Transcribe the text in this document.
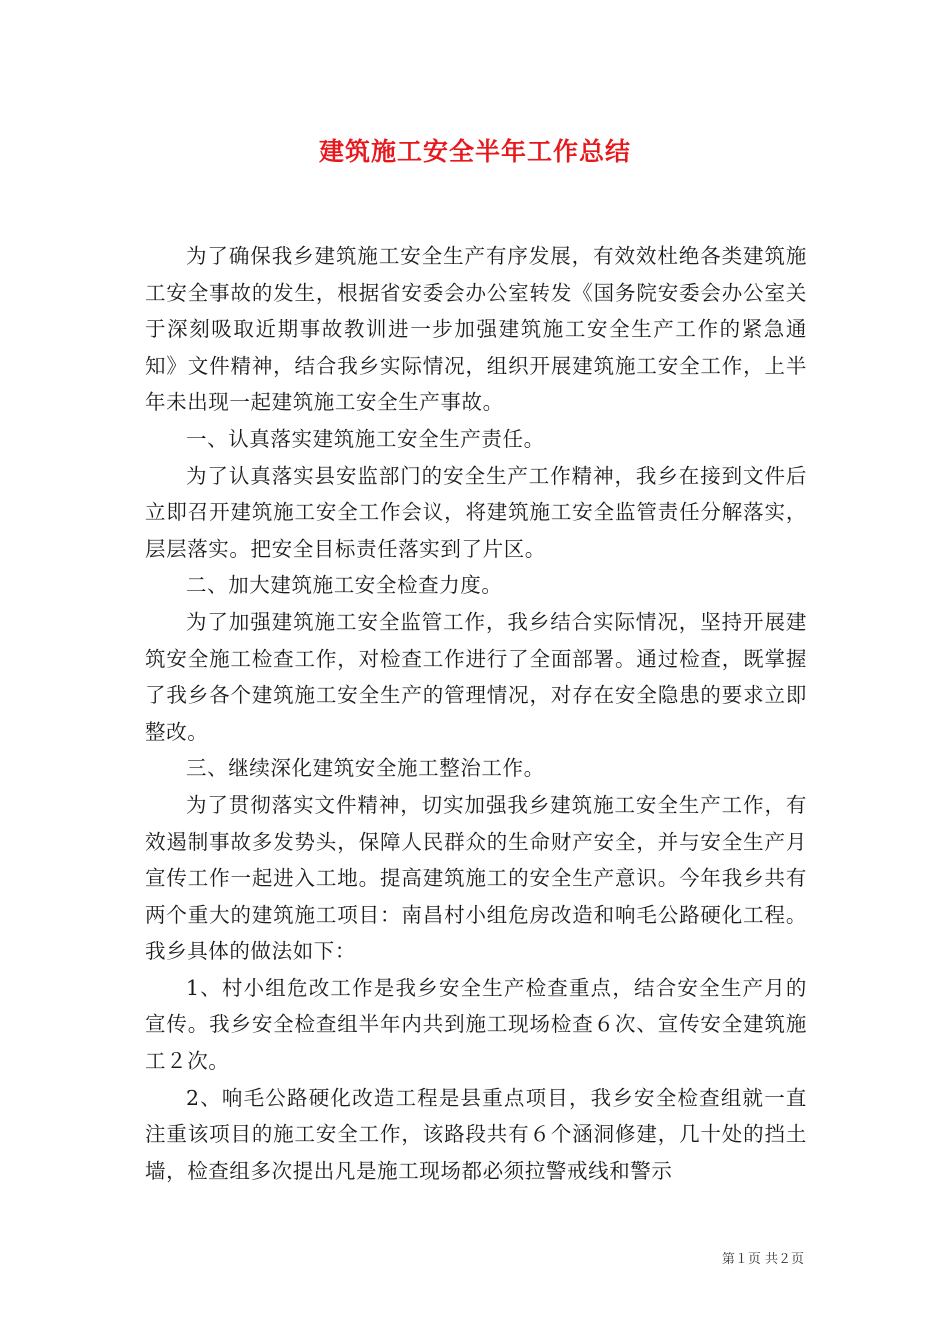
建筑施工安全半年工作总结

为了确保我乡建筑施工安全生产有序发展，有效效杜绝各类建筑施工安全事故的发生，根据省安委会办公室转发《国务院安委会办公室关于深刻吸取近期事故教训进一步加强建筑施工安全生产工作的紧急通知》文件精神，结合我乡实际情况，组织开展建筑施工安全工作，上半年未出现一起建筑施工安全生产事故。

一、认真落实建筑施工安全生产责任。

为了认真落实县安监部门的安全生产工作精神，我乡在接到文件后立即召开建筑施工安全工作会议，将建筑施工安全监管责任分解落实，层层落实。把安全目标责任落实到了片区。

二、加大建筑施工安全检查力度。

为了加强建筑施工安全监管工作，我乡结合实际情况，坚持开展建筑安全施工检查工作，对检查工作进行了全面部署。通过检查，既掌握了我乡各个建筑施工安全生产的管理情况，对存在安全隐患的要求立即整改。

三、继续深化建筑安全施工整治工作。

为了贯彻落实文件精神，切实加强我乡建筑施工安全生产工作，有效遏制事故多发势头，保障人民群众的生命财产安全，并与安全生产月宣传工作一起进入工地。提高建筑施工的安全生产意识。今年我乡共有两个重大的建筑施工项目：南昌村小组危房改造和响毛公路硬化工程。我乡具体的做法如下：

1、村小组危改工作是我乡安全生产检查重点，结合安全生产月的宣传。我乡安全检查组半年内共到施工现场检查６次、宣传安全建筑施工２次。

2、响毛公路硬化改造工程是县重点项目，我乡安全检查组就一直注重该项目的施工安全工作，该路段共有６个涵洞修建，几十处的挡土墙，检查组多次提出凡是施工现场都必须拉警戒线和警示

第１页 共２页
